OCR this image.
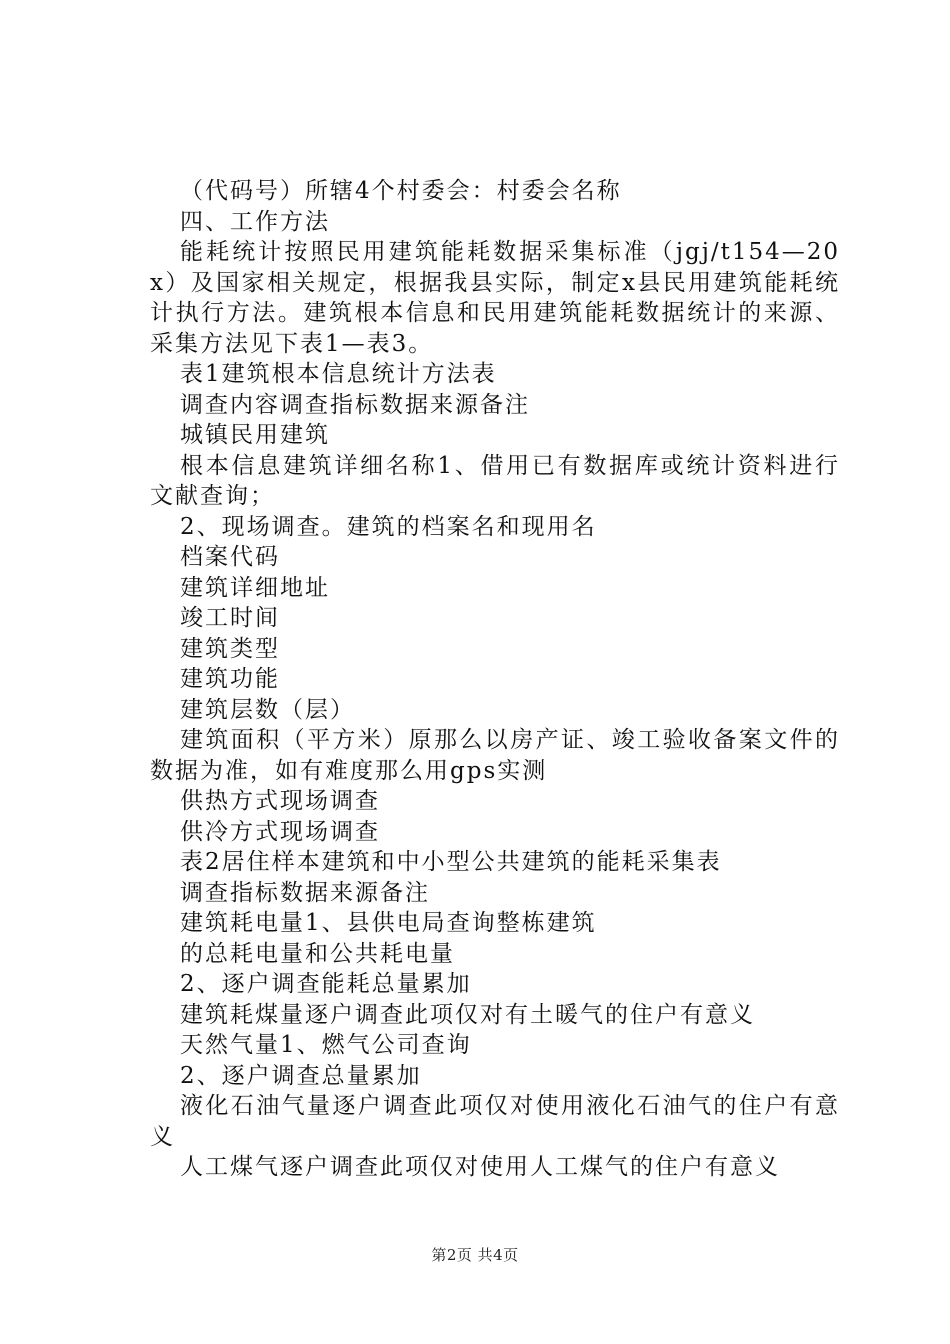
（代码号）所辖4个村委会：村委会名称

四、工作方法

能耗统计按照民用建筑能耗数据采集标准（jgj/t154—20x）及国家相关规定，根据我县实际，制定x县民用建筑能耗统计执行方法。建筑根本信息和民用建筑能耗数据统计的来源、采集方法见下表1—表3。

表1建筑根本信息统计方法表

调查内容调查指标数据来源备注

城镇民用建筑

根本信息建筑详细名称1、借用已有数据库或统计资料进行文献查询；

2、现场调查。建筑的档案名和现用名

档案代码

建筑详细地址

竣工时间

建筑类型

建筑功能

建筑层数（层）

建筑面积（平方米）原那么以房产证、竣工验收备案文件的数据为准，如有难度那么用gps实测

供热方式现场调查

供冷方式现场调查

表2居住样本建筑和中小型公共建筑的能耗采集表

调查指标数据来源备注

建筑耗电量1、县供电局查询整栋建筑

的总耗电量和公共耗电量

2、逐户调查能耗总量累加

建筑耗煤量逐户调查此项仅对有土暖气的住户有意义

天然气量1、燃气公司查询

2、逐户调查总量累加

液化石油气量逐户调查此项仅对使用液化石油气的住户有意义

人工煤气逐户调查此项仅对使用人工煤气的住户有意义

第2页 共4页
